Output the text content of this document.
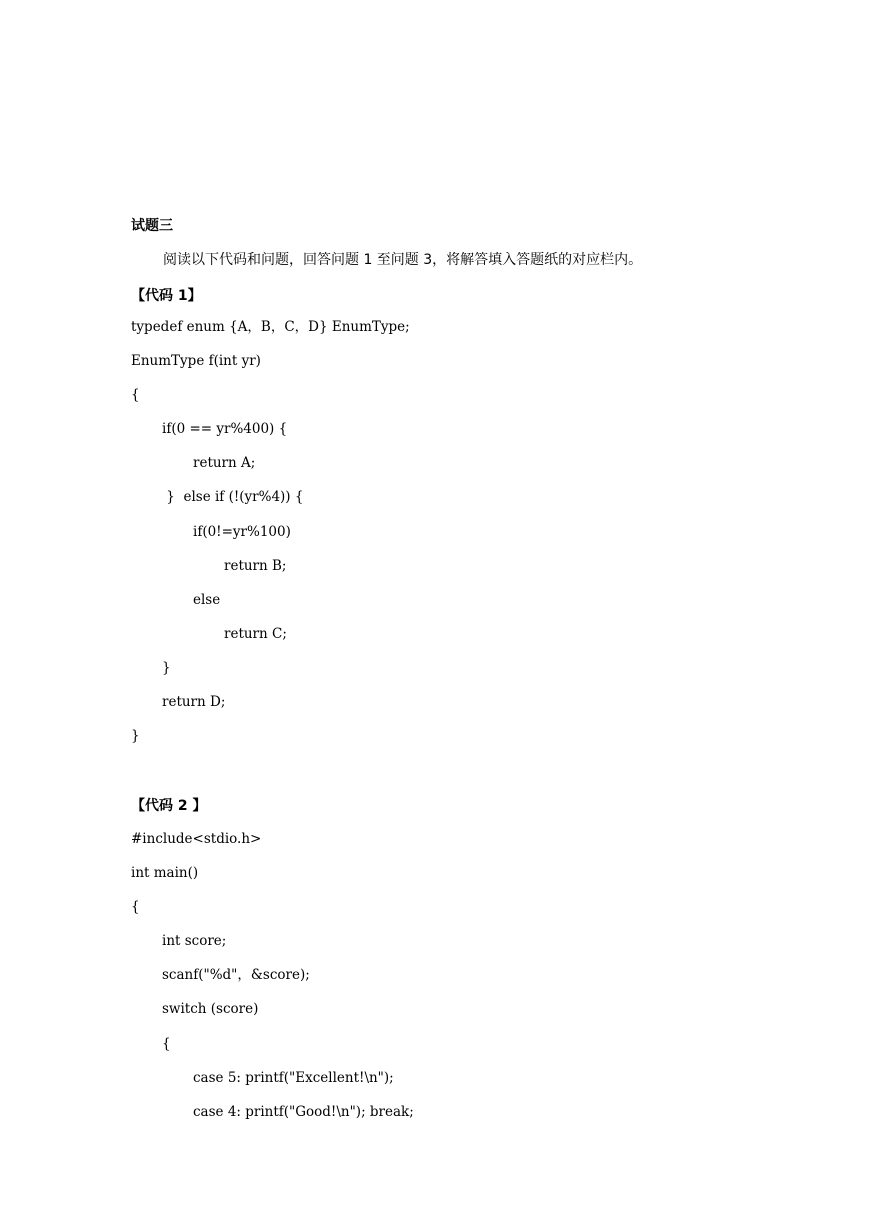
试题三
阅读以下代码和问题，回答问题 1 至问题 3，将解答填入答题纸的对应栏内。
【代码 1】
typedef enum {A，B，C，D} EnumType;
EnumType f(int yr)
{
if(0 == yr%400) {
return A;
}  else if (!(yr%4)) {
if(0!=yr%100)
return B;
else
return C;
}
return D;
}
【代码 2 】
#include<stdio.h>
int main()
{
int score;
scanf("%d"，&score);
switch (score)
{
case 5: printf("Excellent!\n");
case 4: printf("Good!\n"); break;
